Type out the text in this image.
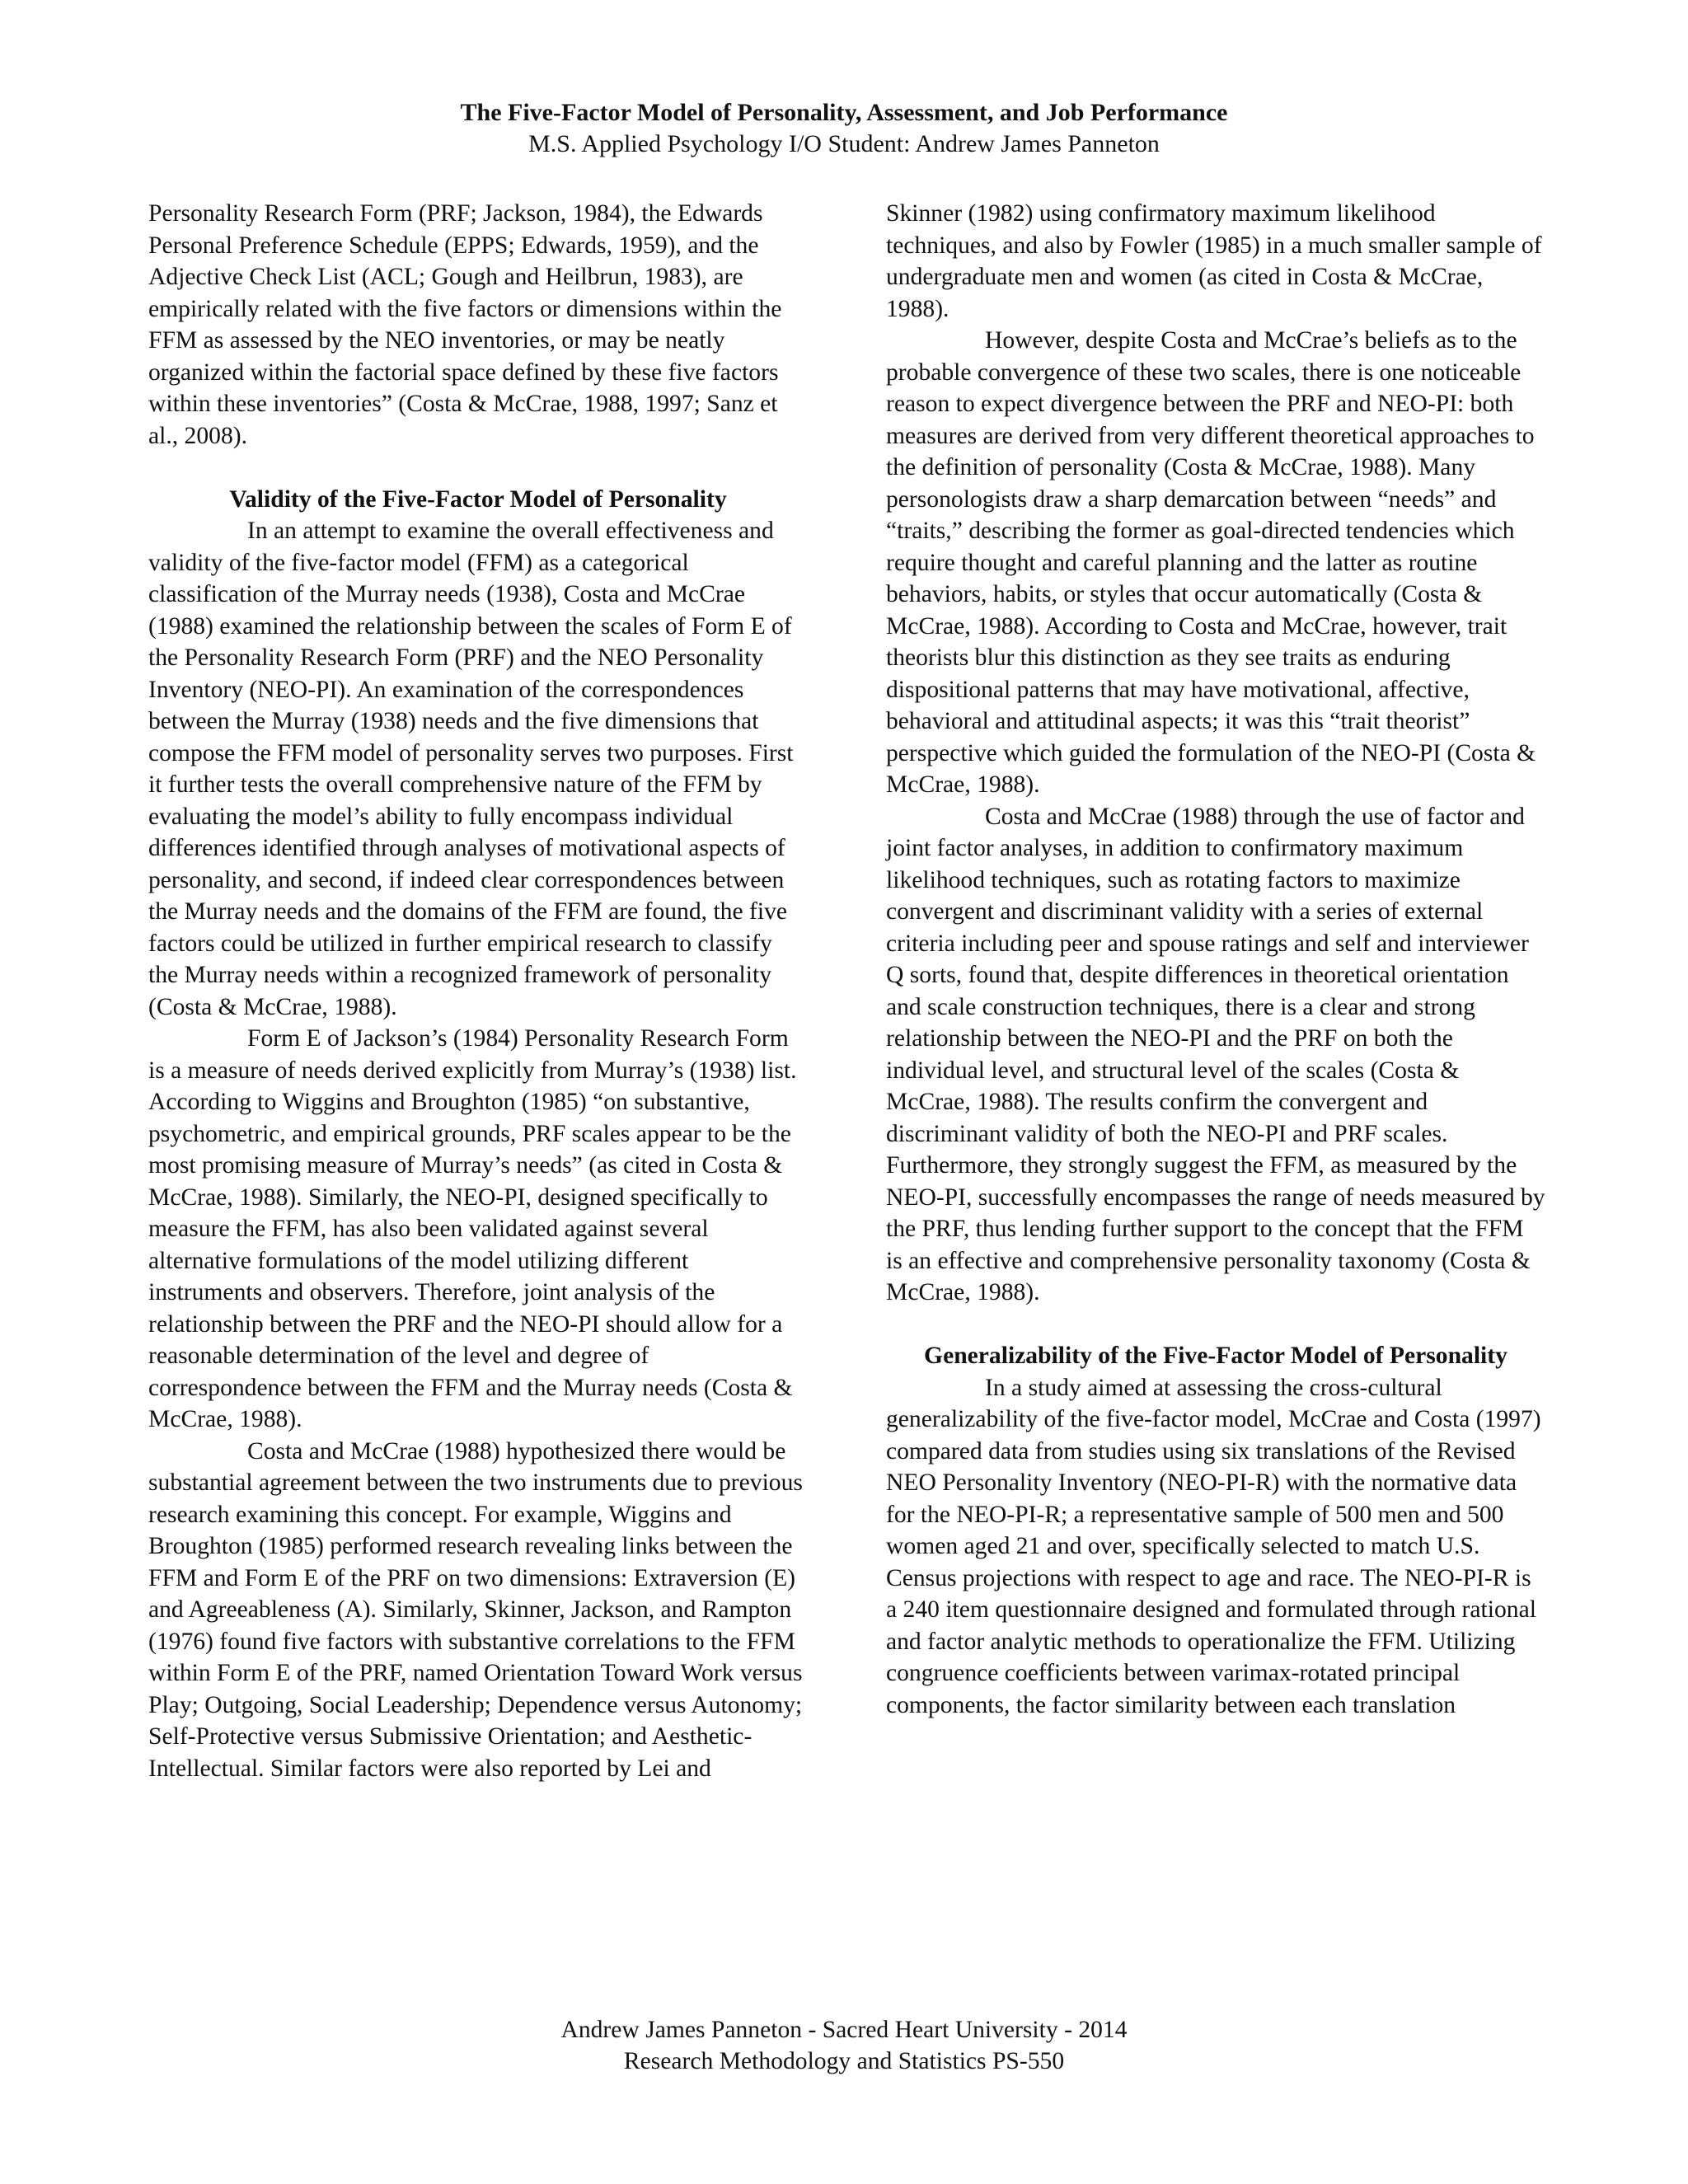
The Five-Factor Model of Personality, Assessment, and Job Performance
M.S. Applied Psychology I/O Student: Andrew James Panneton

Personality Research Form (PRF; Jackson, 1984), the Edwards Personal Preference Schedule (EPPS; Edwards, 1959), and the Adjective Check List (ACL; Gough and Heilbrun, 1983), are empirically related with the five factors or dimensions within the FFM as assessed by the NEO inventories, or may be neatly organized within the factorial space defined by these five factors within these inventories” (Costa & McCrae, 1988, 1997; Sanz et al., 2008).

Validity of the Five-Factor Model of Personality

In an attempt to examine the overall effectiveness and validity of the five-factor model (FFM) as a categorical classification of the Murray needs (1938), Costa and McCrae (1988) examined the relationship between the scales of Form E of the Personality Research Form (PRF) and the NEO Personality Inventory (NEO-PI). An examination of the correspondences between the Murray (1938) needs and the five dimensions that compose the FFM model of personality serves two purposes. First it further tests the overall comprehensive nature of the FFM by evaluating the model’s ability to fully encompass individual differences identified through analyses of motivational aspects of personality, and second, if indeed clear correspondences between the Murray needs and the domains of the FFM are found, the five factors could be utilized in further empirical research to classify the Murray needs within a recognized framework of personality (Costa & McCrae, 1988).

Form E of Jackson’s (1984) Personality Research Form is a measure of needs derived explicitly from Murray’s (1938) list. According to Wiggins and Broughton (1985) “on substantive, psychometric, and empirical grounds, PRF scales appear to be the most promising measure of Murray’s needs” (as cited in Costa & McCrae, 1988). Similarly, the NEO-PI, designed specifically to measure the FFM, has also been validated against several alternative formulations of the model utilizing different instruments and observers. Therefore, joint analysis of the relationship between the PRF and the NEO-PI should allow for a reasonable determination of the level and degree of correspondence between the FFM and the Murray needs (Costa & McCrae, 1988).

Costa and McCrae (1988) hypothesized there would be substantial agreement between the two instruments due to previous research examining this concept. For example, Wiggins and Broughton (1985) performed research revealing links between the FFM and Form E of the PRF on two dimensions: Extraversion (E) and Agreeableness (A). Similarly, Skinner, Jackson, and Rampton (1976) found five factors with substantive correlations to the FFM within Form E of the PRF, named Orientation Toward Work versus Play; Outgoing, Social Leadership; Dependence versus Autonomy; Self-Protective versus Submissive Orientation; and Aesthetic-Intellectual. Similar factors were also reported by Lei and

Skinner (1982) using confirmatory maximum likelihood techniques, and also by Fowler (1985) in a much smaller sample of undergraduate men and women (as cited in Costa & McCrae, 1988).

However, despite Costa and McCrae’s beliefs as to the probable convergence of these two scales, there is one noticeable reason to expect divergence between the PRF and NEO-PI: both measures are derived from very different theoretical approaches to the definition of personality (Costa & McCrae, 1988). Many personologists draw a sharp demarcation between “needs” and “traits,” describing the former as goal-directed tendencies which require thought and careful planning and the latter as routine behaviors, habits, or styles that occur automatically (Costa & McCrae, 1988). According to Costa and McCrae, however, trait theorists blur this distinction as they see traits as enduring dispositional patterns that may have motivational, affective, behavioral and attitudinal aspects; it was this “trait theorist” perspective which guided the formulation of the NEO-PI (Costa & McCrae, 1988).

Costa and McCrae (1988) through the use of factor and joint factor analyses, in addition to confirmatory maximum likelihood techniques, such as rotating factors to maximize convergent and discriminant validity with a series of external criteria including peer and spouse ratings and self and interviewer Q sorts, found that, despite differences in theoretical orientation and scale construction techniques, there is a clear and strong relationship between the NEO-PI and the PRF on both the individual level, and structural level of the scales (Costa & McCrae, 1988). The results confirm the convergent and discriminant validity of both the NEO-PI and PRF scales. Furthermore, they strongly suggest the FFM, as measured by the NEO-PI, successfully encompasses the range of needs measured by the PRF, thus lending further support to the concept that the FFM is an effective and comprehensive personality taxonomy (Costa & McCrae, 1988).

Generalizability of the Five-Factor Model of Personality

In a study aimed at assessing the cross-cultural generalizability of the five-factor model, McCrae and Costa (1997) compared data from studies using six translations of the Revised NEO Personality Inventory (NEO-PI-R) with the normative data for the NEO-PI-R; a representative sample of 500 men and 500 women aged 21 and over, specifically selected to match U.S. Census projections with respect to age and race. The NEO-PI-R is a 240 item questionnaire designed and formulated through rational and factor analytic methods to operationalize the FFM. Utilizing congruence coefficients between varimax-rotated principal components, the factor similarity between each translation

Andrew James Panneton - Sacred Heart University - 2014
Research Methodology and Statistics PS-550
